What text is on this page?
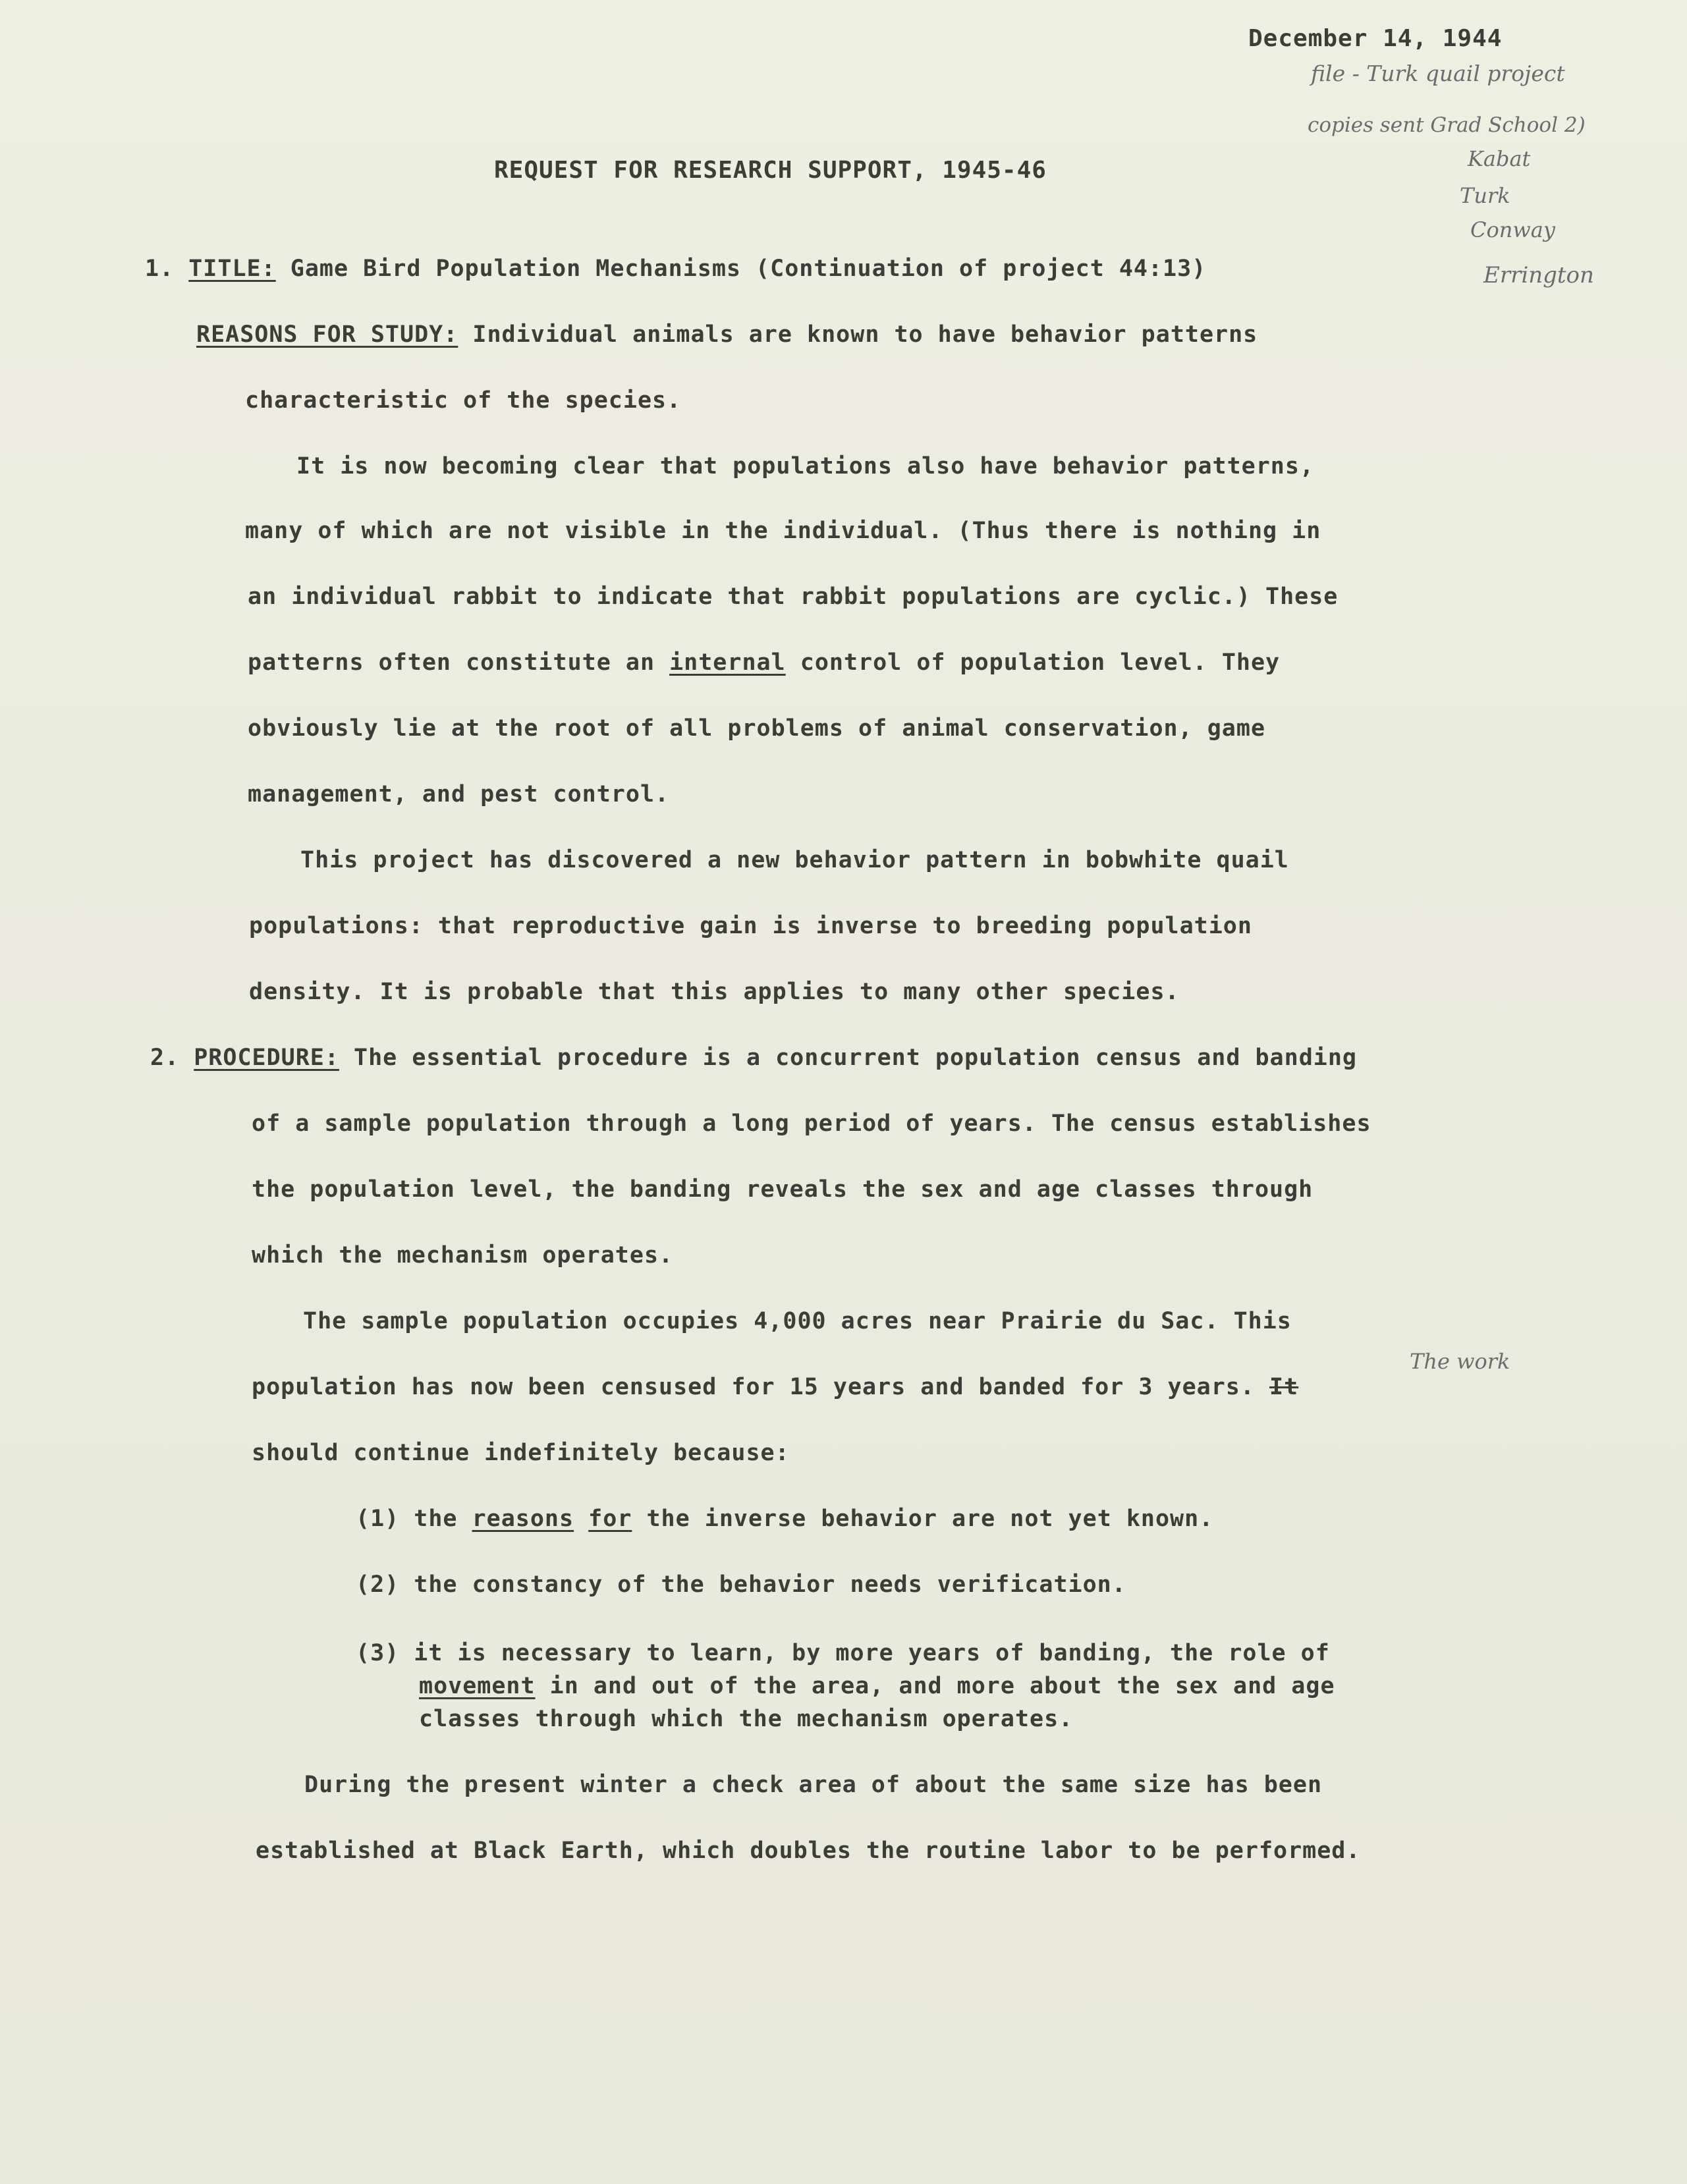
December 14, 1944
file - Turk quail project
copies sent Grad School 2)
Kabat
Turk
Conway
Errington
REQUEST FOR RESEARCH SUPPORT, 1945-46
1. TITLE: Game Bird Population Mechanisms (Continuation of project 44:13)
REASONS FOR STUDY: Individual animals are known to have behavior patterns
characteristic of the species.
It is now becoming clear that populations also have behavior patterns,
many of which are not visible in the individual. (Thus there is nothing in
an individual rabbit to indicate that rabbit populations are cyclic.) These
patterns often constitute an internal control of population level. They
obviously lie at the root of all problems of animal conservation, game
management, and pest control.
This project has discovered a new behavior pattern in bobwhite quail
populations: that reproductive gain is inverse to breeding population
density. It is probable that this applies to many other species.
2. PROCEDURE: The essential procedure is a concurrent population census and banding
of a sample population through a long period of years. The census establishes
the population level, the banding reveals the sex and age classes through
which the mechanism operates.
The sample population occupies 4,000 acres near Prairie du Sac. This
population has now been censused for 15 years and banded for 3 years. It
The work
should continue indefinitely because:
(1) the reasons for the inverse behavior are not yet known.
(2) the constancy of the behavior needs verification.
(3) it is necessary to learn, by more years of banding, the role of
movement in and out of the area, and more about the sex and age
classes through which the mechanism operates.
During the present winter a check area of about the same size has been
established at Black Earth, which doubles the routine labor to be performed.
